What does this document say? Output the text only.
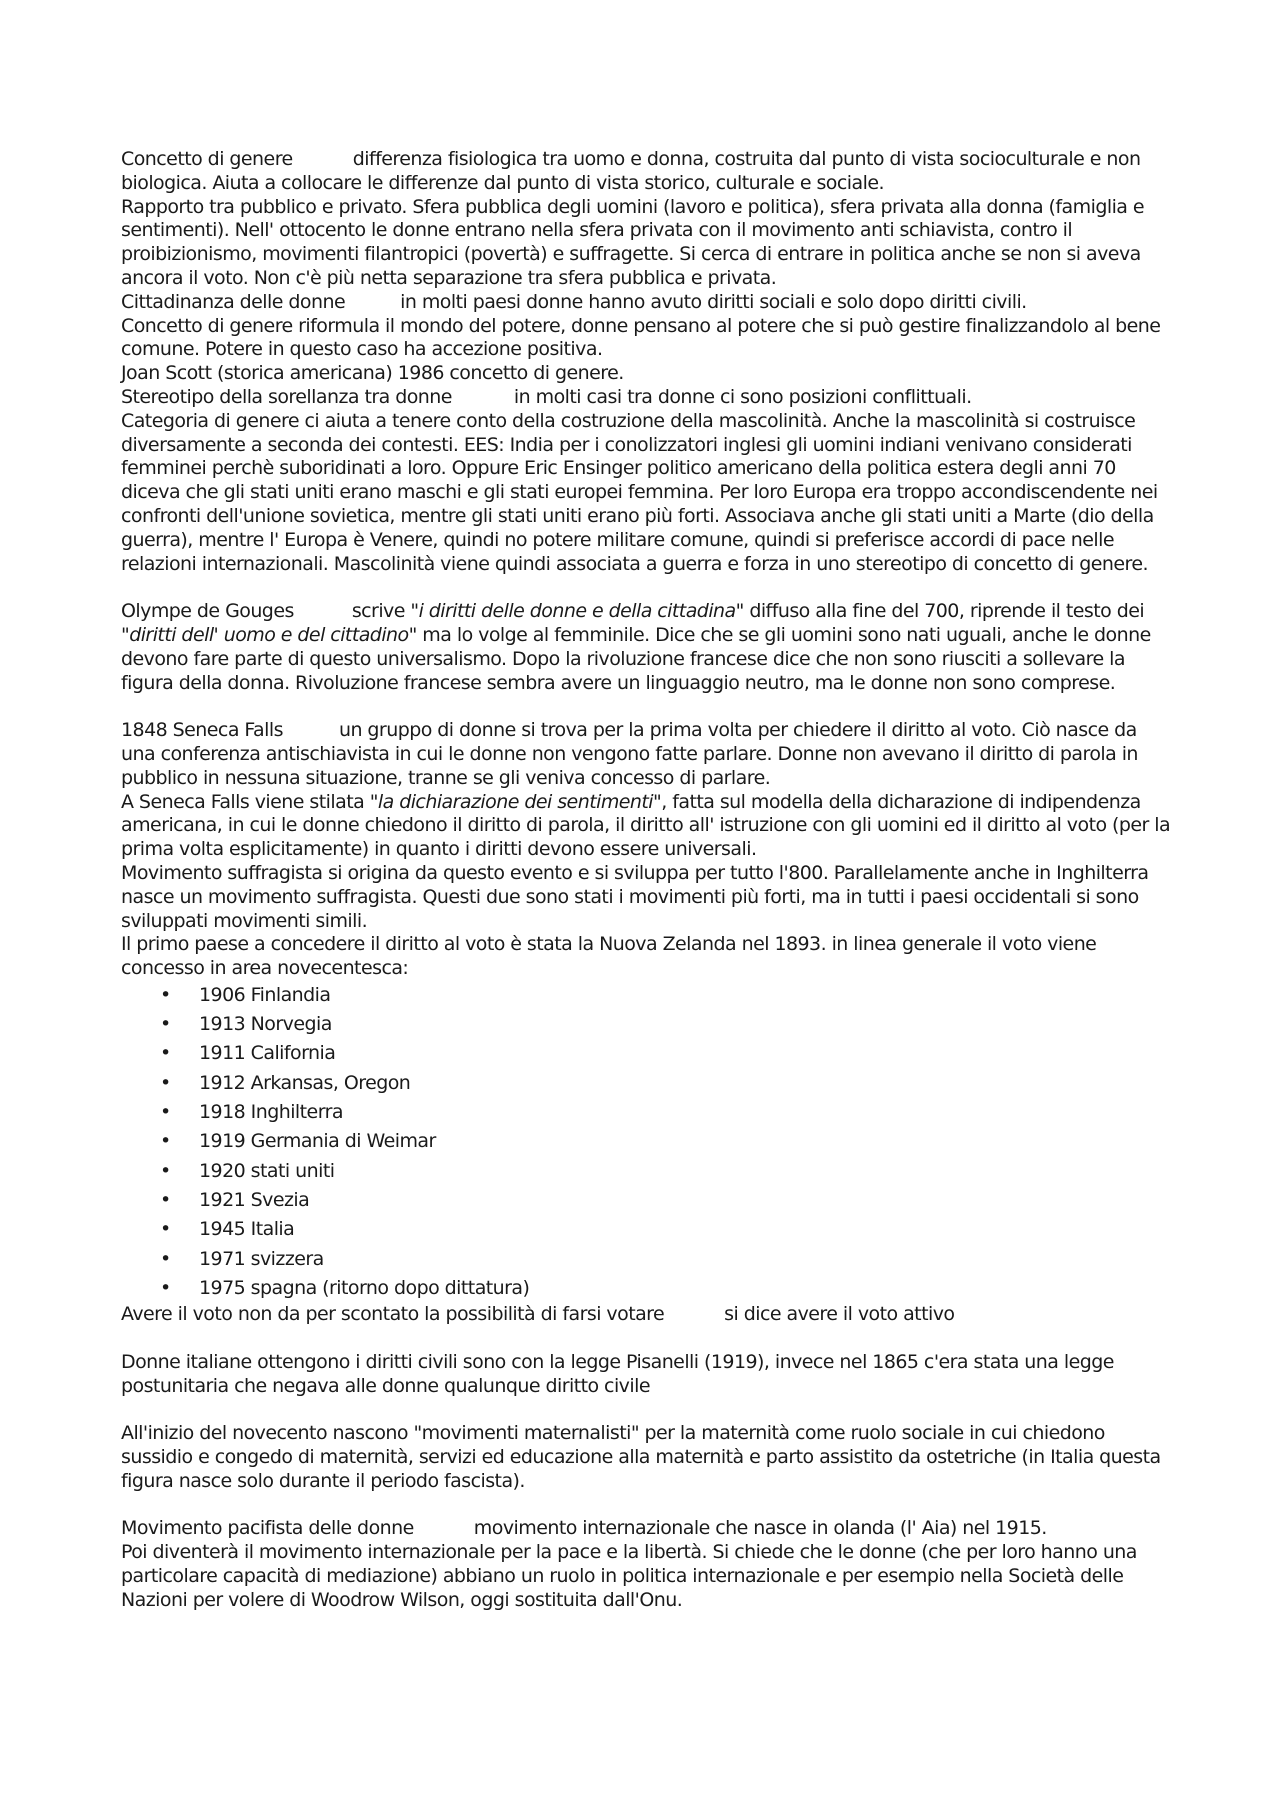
Concetto di genere	differenza fisiologica tra uomo e donna, costruita dal punto di vista socioculturale e non biologica. Aiuta a collocare le differenze dal punto di vista storico, culturale e sociale.

Rapporto tra pubblico e privato. Sfera pubblica degli uomini (lavoro e politica), sfera privata alla donna (famiglia e sentimenti). Nell' ottocento le donne entrano nella sfera privata con il movimento anti schiavista, contro il proibizionismo, movimenti filantropici (povertà) e suffragette. Si cerca di entrare in politica anche se non si aveva ancora il voto. Non c'è più netta separazione tra sfera pubblica e privata.

Cittadinanza delle donne	in molti paesi donne hanno avuto diritti sociali e solo dopo diritti civili.

Concetto di genere riformula il mondo del potere, donne pensano al potere che si può gestire finalizzandolo al bene comune. Potere in questo caso ha accezione positiva.

Joan Scott (storica americana) 1986 concetto di genere.

Stereotipo della sorellanza tra donne	in molti casi tra donne ci sono posizioni conflittuali.

Categoria di genere ci aiuta a tenere conto della costruzione della mascolinità. Anche la mascolinità si costruisce diversamente a seconda dei contesti. EES: India per i conolizzatori inglesi gli uomini indiani venivano considerati femminei perchè suboridinati a loro. Oppure Eric Ensinger politico americano della politica estera degli anni 70 diceva che gli stati uniti erano maschi e gli stati europei femmina. Per loro Europa era troppo accondiscendente nei confronti dell'unione sovietica, mentre gli stati uniti erano più forti. Associava anche gli stati uniti a Marte (dio della guerra), mentre l' Europa è Venere, quindi no potere militare comune, quindi si preferisce accordi di pace nelle relazioni internazionali. Mascolinità viene quindi associata a guerra e forza in uno stereotipo di concetto di genere.

Olympe de Gouges	scrive "i diritti delle donne e della cittadina" diffuso alla fine del 700, riprende il testo dei "diritti dell' uomo e del cittadino" ma lo volge al femminile. Dice che se gli uomini sono nati uguali, anche le donne devono fare parte di questo universalismo. Dopo la rivoluzione francese dice che non sono riusciti a sollevare la figura della donna. Rivoluzione francese sembra avere un linguaggio neutro, ma le donne non sono comprese.

1848 Seneca Falls	un gruppo di donne si trova per la prima volta per chiedere il diritto al voto. Ciò nasce da una conferenza antischiavista in cui le donne non vengono fatte parlare. Donne non avevano il diritto di parola in pubblico in nessuna situazione, tranne se gli veniva concesso di parlare.

A Seneca Falls viene stilata "la dichiarazione dei sentimenti", fatta sul modella della dicharazione di indipendenza americana, in cui le donne chiedono il diritto di parola, il diritto all' istruzione con gli uomini ed il diritto al voto (per la prima volta esplicitamente) in quanto i diritti devono essere universali.

Movimento suffragista si origina da questo evento e si sviluppa per tutto l'800. Parallelamente anche in Inghilterra nasce un movimento suffragista. Questi due sono stati i movimenti più forti, ma in tutti i paesi occidentali si sono sviluppati movimenti simili.

Il primo paese a concedere il diritto al voto è stata la Nuova Zelanda nel 1893. in linea generale il voto viene concesso in area novecentesca:

• 1906 Finlandia
• 1913 Norvegia
• 1911 California
• 1912 Arkansas, Oregon
• 1918 Inghilterra
• 1919 Germania di Weimar
• 1920 stati uniti
• 1921 Svezia
• 1945 Italia
• 1971 svizzera
• 1975 spagna (ritorno dopo dittatura)

Avere il voto non da per scontato la possibilità di farsi votare	si dice avere il voto attivo

Donne italiane ottengono i diritti civili sono con la legge Pisanelli (1919), invece nel 1865 c'era stata una legge postunitaria che negava alle donne qualunque diritto civile

All'inizio del novecento nascono "movimenti maternalisti" per la maternità come ruolo sociale in cui chiedono sussidio e congedo di maternità, servizi ed educazione alla maternità e parto assistito da ostetriche (in Italia questa figura nasce solo durante il periodo fascista).

Movimento pacifista delle donne	movimento internazionale che nasce in olanda (l' Aia) nel 1915.

Poi diventerà il movimento internazionale per la pace e la libertà. Si chiede che le donne (che per loro hanno una particolare capacità di mediazione) abbiano un ruolo in politica internazionale e per esempio nella Società delle Nazioni per volere di Woodrow Wilson, oggi sostituita dall'Onu.
